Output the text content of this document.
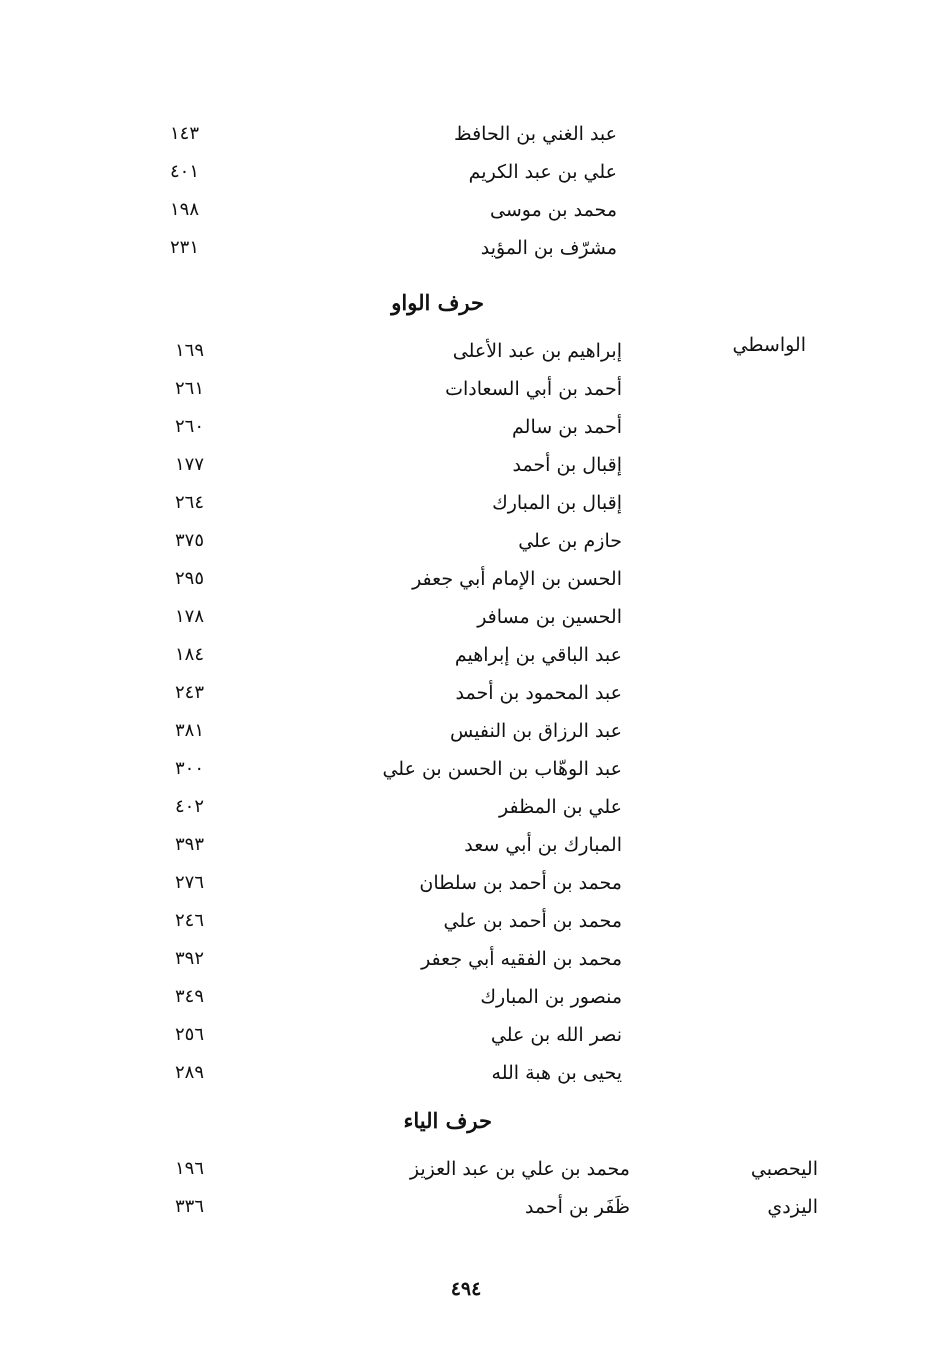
عبد الغني بن الحافظ
١٤٣
علي بن عبد الكريم
٤٠١
محمد بن موسى
١٩٨
مشرّف بن المؤيد
٢٣١
حرف الواو
الواسطي
إبراهيم بن عبد الأعلى
١٦٩
أحمد بن أبي السعادات
٢٦١
أحمد بن سالم
٢٦٠
إقبال بن أحمد
١٧٧
إقبال بن المبارك
٢٦٤
حازم بن علي
٣٧٥
الحسن بن الإمام أبي جعفر
٢٩٥
الحسين بن مسافر
١٧٨
عبد الباقي بن إبراهيم
١٨٤
عبد المحمود بن أحمد
٢٤٣
عبد الرزاق بن النفيس
٣٨١
عبد الوهّاب بن الحسن بن علي
٣٠٠
علي بن المظفر
٤٠٢
المبارك بن أبي سعد
٣٩٣
محمد بن أحمد بن سلطان
٢٧٦
محمد بن أحمد بن علي
٢٤٦
محمد بن الفقيه أبي جعفر
٣٩٢
منصور بن المبارك
٣٤٩
نصر الله بن علي
٢٥٦
يحيى بن هبة الله
٢٨٩
حرف الياء
اليحصبي
محمد بن علي بن عبد العزيز
١٩٦
اليزدي
ظَفَر بن أحمد
٣٣٦
٤٩٤
